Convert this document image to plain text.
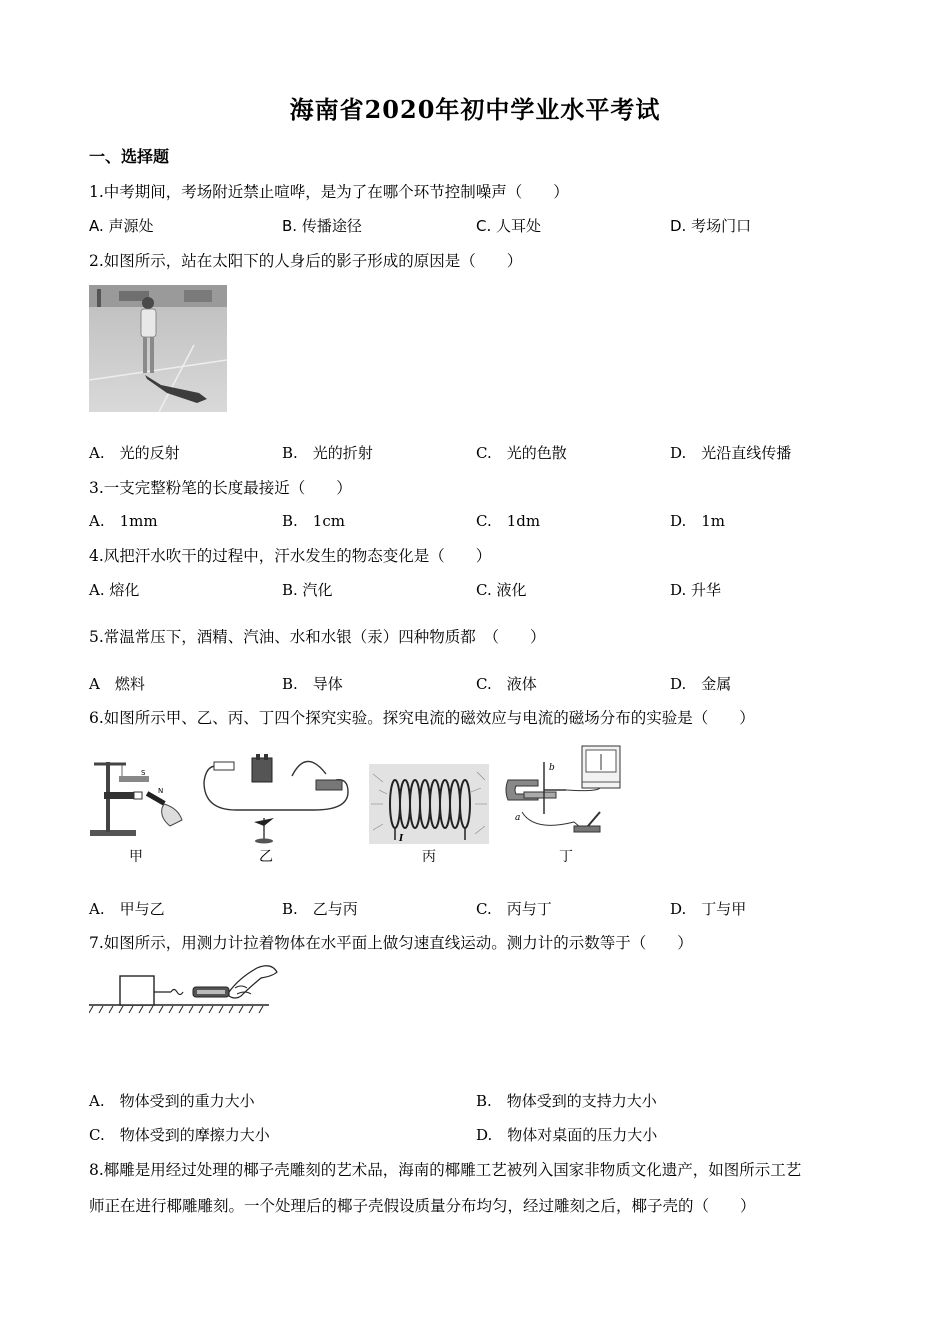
海南省2020年初中学业水平考试
一、选择题
1.中考期间，考场附近禁止喧哗，是为了在哪个环节控制噪声（　　）
A. 声源处	B. 传播途径	C. 人耳处	D. 考场门口
2.如图所示，站在太阳下的人身后的影子形成的原因是（　　）
A.　光的反射	B.　光的折射	C.　光的色散	D.　光沿直线传播
3.一支完整粉笔的长度最接近（　　）
A.　1mm	B.　1cm	C.　1dm	D.　1m
4.风把汗水吹干的过程中，汗水发生的物态变化是（　　）
A. 熔化	B. 汽化	C. 液化	D. 升华
5.常温常压下，酒精、汽油、水和水银（汞）四种物质都　（　　）
A　燃料	B.　导体	C.　液体	D.　金属
6.如图所示甲、乙、丙、丁四个探究实验。探究电流的磁效应与电流的磁场分布的实验是（　　）
S
N
甲	乙
I
丙
b
a
丁
A.　甲与乙	B.　乙与丙	C.　丙与丁	D.　丁与甲
7.如图所示，用测力计拉着物体在水平面上做匀速直线运动。测力计的示数等于（　　）
A.　物体受到的重力大小	B.　物体受到的支持力大小
C.　物体受到的摩擦力大小	D.　物体对桌面的压力大小
8.椰雕是用经过处理的椰子壳雕刻的艺术品，海南的椰雕工艺被列入国家非物质文化遗产，如图所示工艺
师正在进行椰雕雕刻。一个处理后的椰子壳假设质量分布均匀，经过雕刻之后，椰子壳的（　　）
